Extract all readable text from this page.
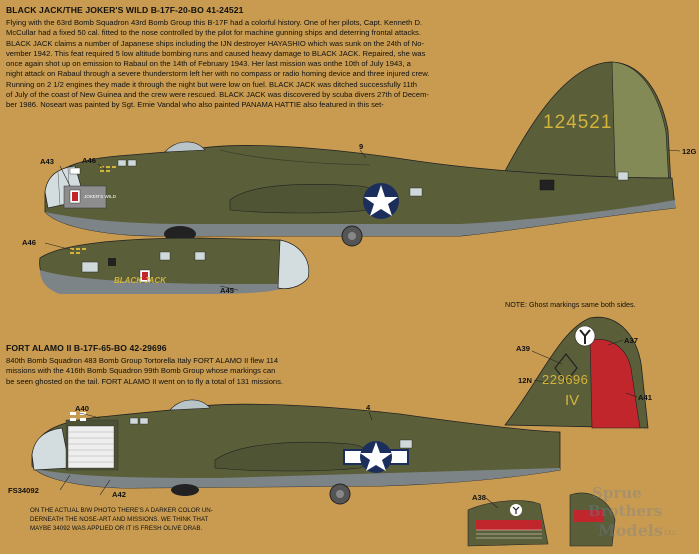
BLACK JACK/THE JOKER'S WILD B-17F-20-BO 41-24521
Flying with the 63rd Bomb Squadron 43rd Bomb Group this B-17F had a colorful history. One of her pilots, Capt. Kenneth D.
McCullar had a fixed 50 cal. fitted to the nose controlled by the pilot for machine gunning ships and deterring frontal attacks.
BLACK JACK claims a number of Japanese ships including the IJN destroyer HAYASHIO which was sunk on the 24th of No-
vember 1942. This feat required 5 low altitude bombing runs and caused heavy damage to BLACK JACK. Repaired, she was
once again shot up on emission to Rabaul on the 14th of February 1943. Her last mission was onthe 10th of July 1943, a
night attack on Rabaul through a severe thunderstorm left her with no compass or radio homing device and three injured crew.
Running on 2 1/2 engines they made it through the night but were low on fuel. BLACK JACK was ditched successfully 11th
of July of the coast of New Guinea and the crew were rescued. BLACK JACK was discovered by scuba divers 27th of Decem-
ber 1986. Noseart was painted by Sgt. Ernie Vandal who also painted PANAMA HATTIE also featured in this set-
124521
BLACK JACK
JOKER'S WILD
A43	A46
A46
A45
12G
9
NOTE: Ghost markings same both sides.
FORT ALAMO II B-17F-65-BO 42-29696
840th Bomb Squadron 483 Bomb Group Tortorella Italy FORT ALAMO II flew 114
missions with the 416th Bomb Squadron 99th Bomb Group whose markings can
be seen ghosted on the tail. FORT ALAMO II went on to fly a total of 131 missions.	229696
IV
A40
A42
FS34092
A39
A37
A41
12N
A38
4
ON THE ACTUAL B/W PHOTO THERE'S A DARKER COLOR UN-
DERNEATH THE NOSE-ART AND MISSIONS. WE THINK THAT
MAYBE 34092 WAS APPLIED OR IT IS FRESH OLIVE DRAB.
Sprue
Brothers
Models LLC
